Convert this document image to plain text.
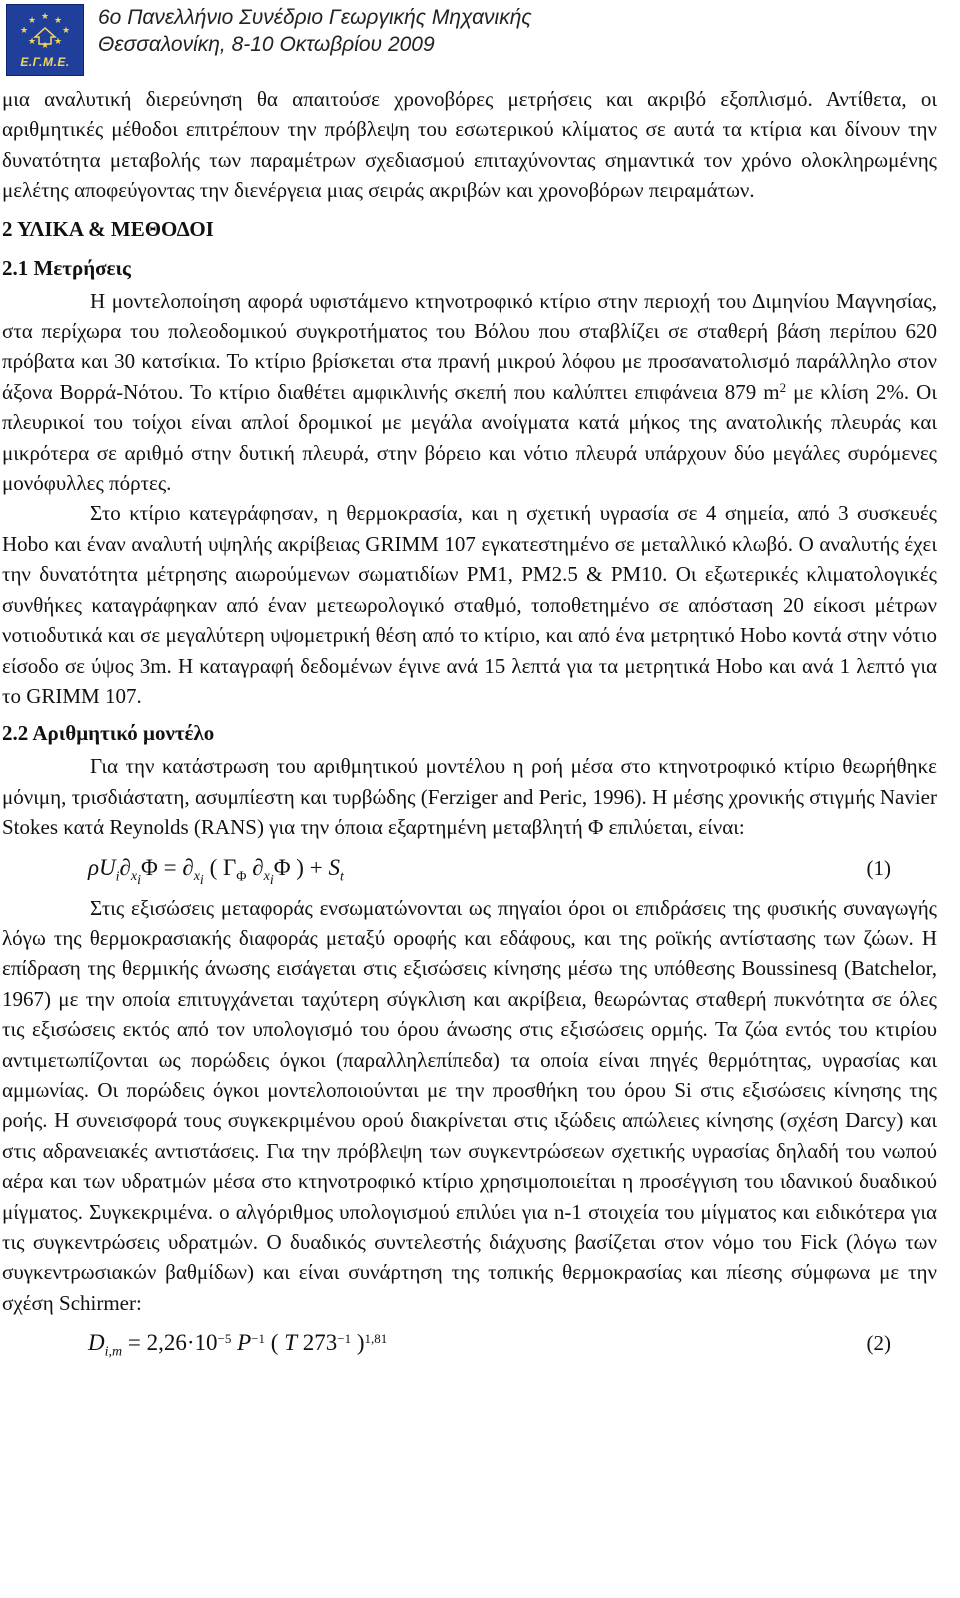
★ ★
★
★
★
★
★
★
Ε.Γ.Μ.Ε.
6ο Πανελλήνιο Συνέδριο Γεωργικής Μηχανικής
Θεσσαλονίκη, 8-10 Οκτωβρίου 2009

μια αναλυτική διερεύνηση θα απαιτούσε χρονοβόρες μετρήσεις και ακριβό εξοπλισμό. Αντίθετα, οι αριθμητικές μέθοδοι επιτρέπουν την πρόβλεψη του εσωτερικού κλίματος σε αυτά τα κτίρια και δίνουν την δυνατότητα μεταβολής των παραμέτρων σχεδιασμού επιταχύνοντας σημαντικά τον χρόνο ολοκληρωμένης μελέτης αποφεύγοντας την διενέργεια μιας σειράς ακριβών και χρονοβόρων πειραμάτων.

2 ΥΛΙΚΑ & ΜΕΘΟΔΟΙ
2.1 Μετρήσεις

Η μοντελοποίηση αφορά υφιστάμενο κτηνοτροφικό κτίριο στην περιοχή του Διμηνίου Μαγνησίας, στα περίχωρα του πολεοδομικού συγκροτήματος του Βόλου που σταβλίζει σε σταθερή βάση περίπου 620 πρόβατα και 30 κατσίκια. Το κτίριο βρίσκεται στα πρανή μικρού λόφου με προσανατολισμό παράλληλο στον άξονα Βορρά-Νότου. Το κτίριο διαθέτει αμφικλινής σκεπή που καλύπτει επιφάνεια 879 $m^2$ με κλίση 2%. Οι πλευρικοί του τοίχοι είναι απλοί δρομικοί με μεγάλα ανοίγματα κατά μήκος της ανατολικής πλευράς και μικρότερα σε αριθμό στην δυτική πλευρά, στην βόρειο και νότιο πλευρά υπάρχουν δύο μεγάλες συρόμενες μονόφυλλες πόρτες.

Στο κτίριο κατεγράφησαν, η θερμοκρασία, και η σχετική υγρασία σε 4 σημεία, από 3 συσκευές Hobo και έναν αναλυτή υψηλής ακρίβειας GRIMM 107 εγκατεστημένο σε μεταλλικό κλωβό. Ο αναλυτής έχει την δυνατότητα μέτρησης αιωρούμενων σωματιδίων PM1, PM2.5 & PM10. Οι εξωτερικές κλιματολογικές συνθήκες καταγράφηκαν από έναν μετεωρολογικό σταθμό, τοποθετημένο σε απόσταση 20 είκοσι μέτρων νοτιοδυτικά και σε μεγαλύτερη υψομετρική θέση από το κτίριο, και από ένα μετρητικό Hobo κοντά στην νότιο είσοδο σε ύψος 3m. Η καταγραφή δεδομένων έγινε ανά 15 λεπτά για τα μετρητικά Hobo και ανά 1 λεπτό για το GRIMM 107.

2.2 Αριθμητικό μοντέλο

Για την κατάστρωση του αριθμητικού μοντέλου η ροή μέσα στο κτηνοτροφικό κτίριο θεωρήθηκε μόνιμη, τρισδιάστατη, ασυμπίεστη και τυρβώδης (Ferziger and Peric, 1996). Η μέσης χρονικής στιγμής Navier Stokes κατά Reynolds (RANS) για την όποια εξαρτημένη μεταβλητή Φ επιλύεται, είναι:

$\rho U_i\partial_{x_i}\Phi = \partial_{x_i}$ ( $\Gamma_\Phi$ $\partial_{x_i}\Phi$ ) + $S_t$	(1)

Στις εξισώσεις μεταφοράς ενσωματώνονται ως πηγαίοι όροι οι επιδράσεις της φυσικής συναγωγής λόγω της θερμοκρασιακής διαφοράς μεταξύ οροφής και εδάφους, και της ροϊκής αντίστασης των ζώων. Η επίδραση της θερμικής άνωσης εισάγεται στις εξισώσεις κίνησης μέσω της υπόθεσης Boussinesq (Batchelor, 1967) με την οποία επιτυγχάνεται ταχύτερη σύγκλιση και ακρίβεια, θεωρώντας σταθερή πυκνότητα σε όλες τις εξισώσεις εκτός από τον υπολογισμό του όρου άνωσης στις εξισώσεις ορμής. Τα ζώα εντός του κτιρίου αντιμετωπίζονται ως πορώδεις όγκοι (παραλληλεπίπεδα) τα οποία είναι πηγές θερμότητας, υγρασίας και αμμωνίας. Οι πορώδεις όγκοι μοντελοποιούνται με την προσθήκη του όρου Si στις εξισώσεις κίνησης της ροής. Η συνεισφορά τους συγκεκριμένου ορού διακρίνεται στις ιξώδεις απώλειες κίνησης (σχέση Darcy) και στις αδρανειακές αντιστάσεις. Για την πρόβλεψη των συγκεντρώσεων σχετικής υγρασίας δηλαδή του νωπού αέρα και των υδρατμών μέσα στο κτηνοτροφικό κτίριο χρησιμοποιείται η προσέγγιση του ιδανικού δυαδικού μίγματος. Συγκεκριμένα. ο αλγόριθμος υπολογισμού επιλύει για n-1 στοιχεία του μίγματος και ειδικότερα για τις συγκεντρώσεις υδρατμών. Ο δυαδικός συντελεστής διάχυσης βασίζεται στον νόμο του Fick (λόγω των συγκεντρωσιακών βαθμίδων) και είναι συνάρτηση της τοπικής θερμοκρασίας και πίεσης σύμφωνα με την σχέση Schirmer:

$D_{i,m} = 2,26\cdot 10^{-5}$ $P^{-1}$ ( T $273^{-1}$ )$^{1,81}$	(2)
